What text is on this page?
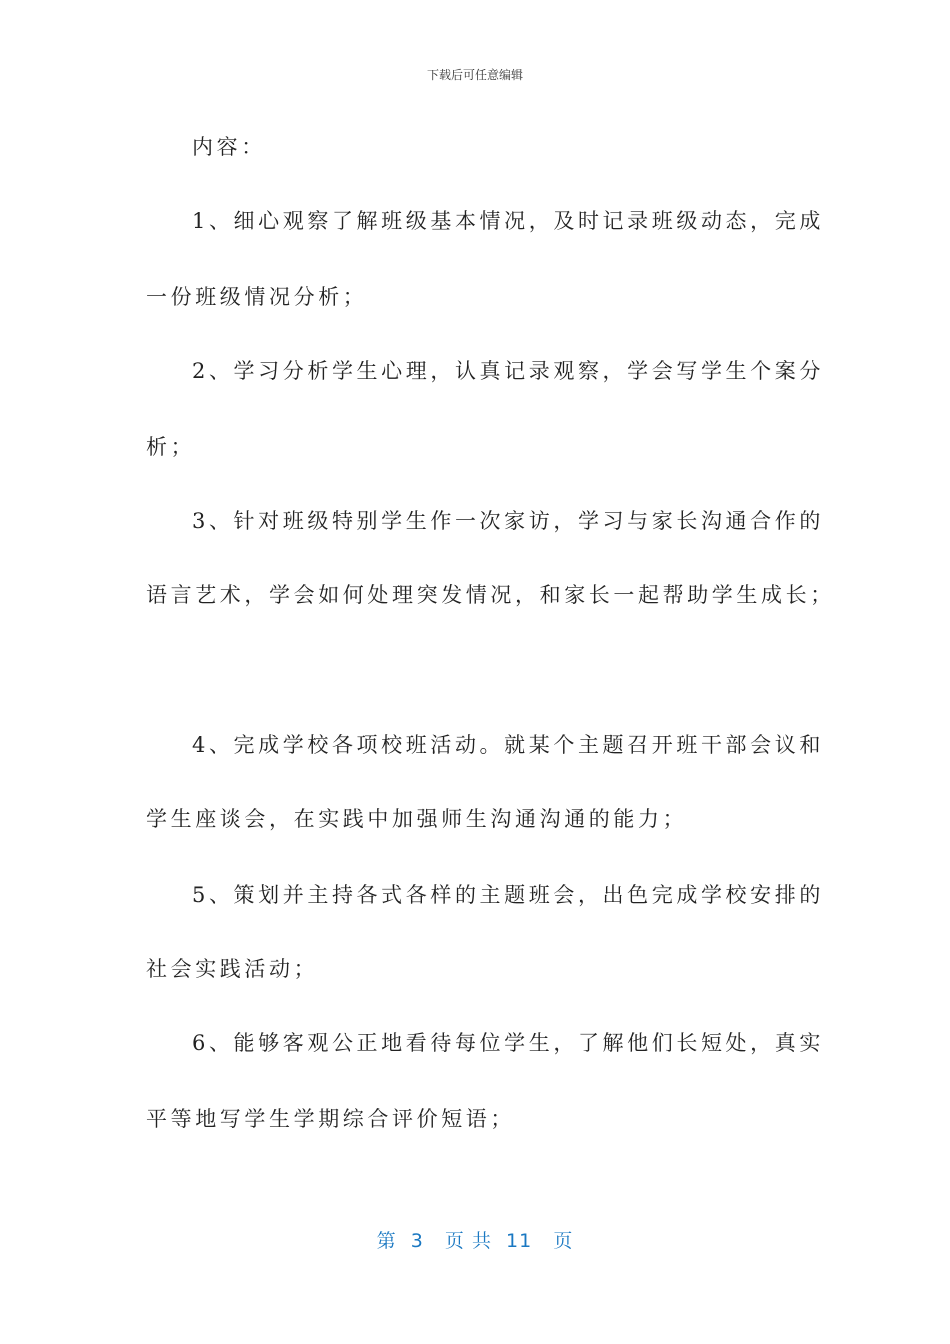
下载后可任意编辑
内容：
1、细心观察了解班级基本情况，及时记录班级动态，完成
一份班级情况分析；
2、学习分析学生心理，认真记录观察，学会写学生个案分
析；
3、针对班级特别学生作一次家访，学习与家长沟通合作的
语言艺术，学会如何处理突发情况，和家长一起帮助学生成长；
4、完成学校各项校班活动。就某个主题召开班干部会议和
学生座谈会，在实践中加强师生沟通沟通的能力；
5、策划并主持各式各样的主题班会，出色完成学校安排的
社会实践活动；
6、能够客观公正地看待每位学生，了解他们长短处，真实
平等地写学生学期综合评价短语；
第  3   页 共  11   页
